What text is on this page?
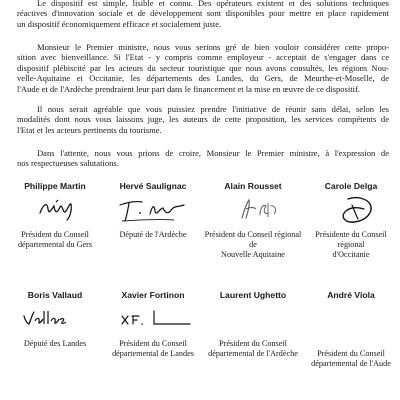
Le dispositif est simple, lisible et connu. Des opérateurs existent et des solutions techniques
réactives d'innovation sociale et de développement sont disponibles pour mettre en place rapidement
un dispositif économiquement efficace et socialement juste.
Monsieur le Premier ministre, nous vous serions gré de bien vouloir considérer cette propo-
sition avec bienveillance. Si l'Etat - y compris comme employeur - acceptait de s'engager dans ce
dispositif plébiscité par les acteurs du secteur touristique que nous avons consultés, les régions Nou-
velle-Aquitaine et Occitanie, les départements des Landes, du Gers, de Meurthe-et-Moselle, de
l'Aude et de l'Ardèche prendraient leur part dans le financement et la mise en œuvre de ce dispositif.
Il nous serait agréable que vous puissiez prendre l'initiative de réunir sans délai, selon les
modalités dont nous vous laissons juge, les auteurs de cette proposition, les services compétents de
l'Etat et les acteurs pertinents du tourisme.
Dans l'attente, nous vous prions de croire, Monsieur le Premier ministre, à l'expression de
nos respectueuses salutations.
Philippe Martin
Président du Conseil
départemental du Gers
Hervé Saulignac
Député de l'Ardèche
Alain Rousset
Président du Conseil régional de
Nouvelle Aquitaine
Carole Delga
Présidente du Conseil régional
d'Occitanie
Boris Vallaud
Député des Landes
Xavier Fortinon
Président du Conseil
départemental de Landes
Laurent Ughetto
Président du Conseil
départemental de l'Ardèche
André Viola
Président du Conseil
départemental de l'Aude
